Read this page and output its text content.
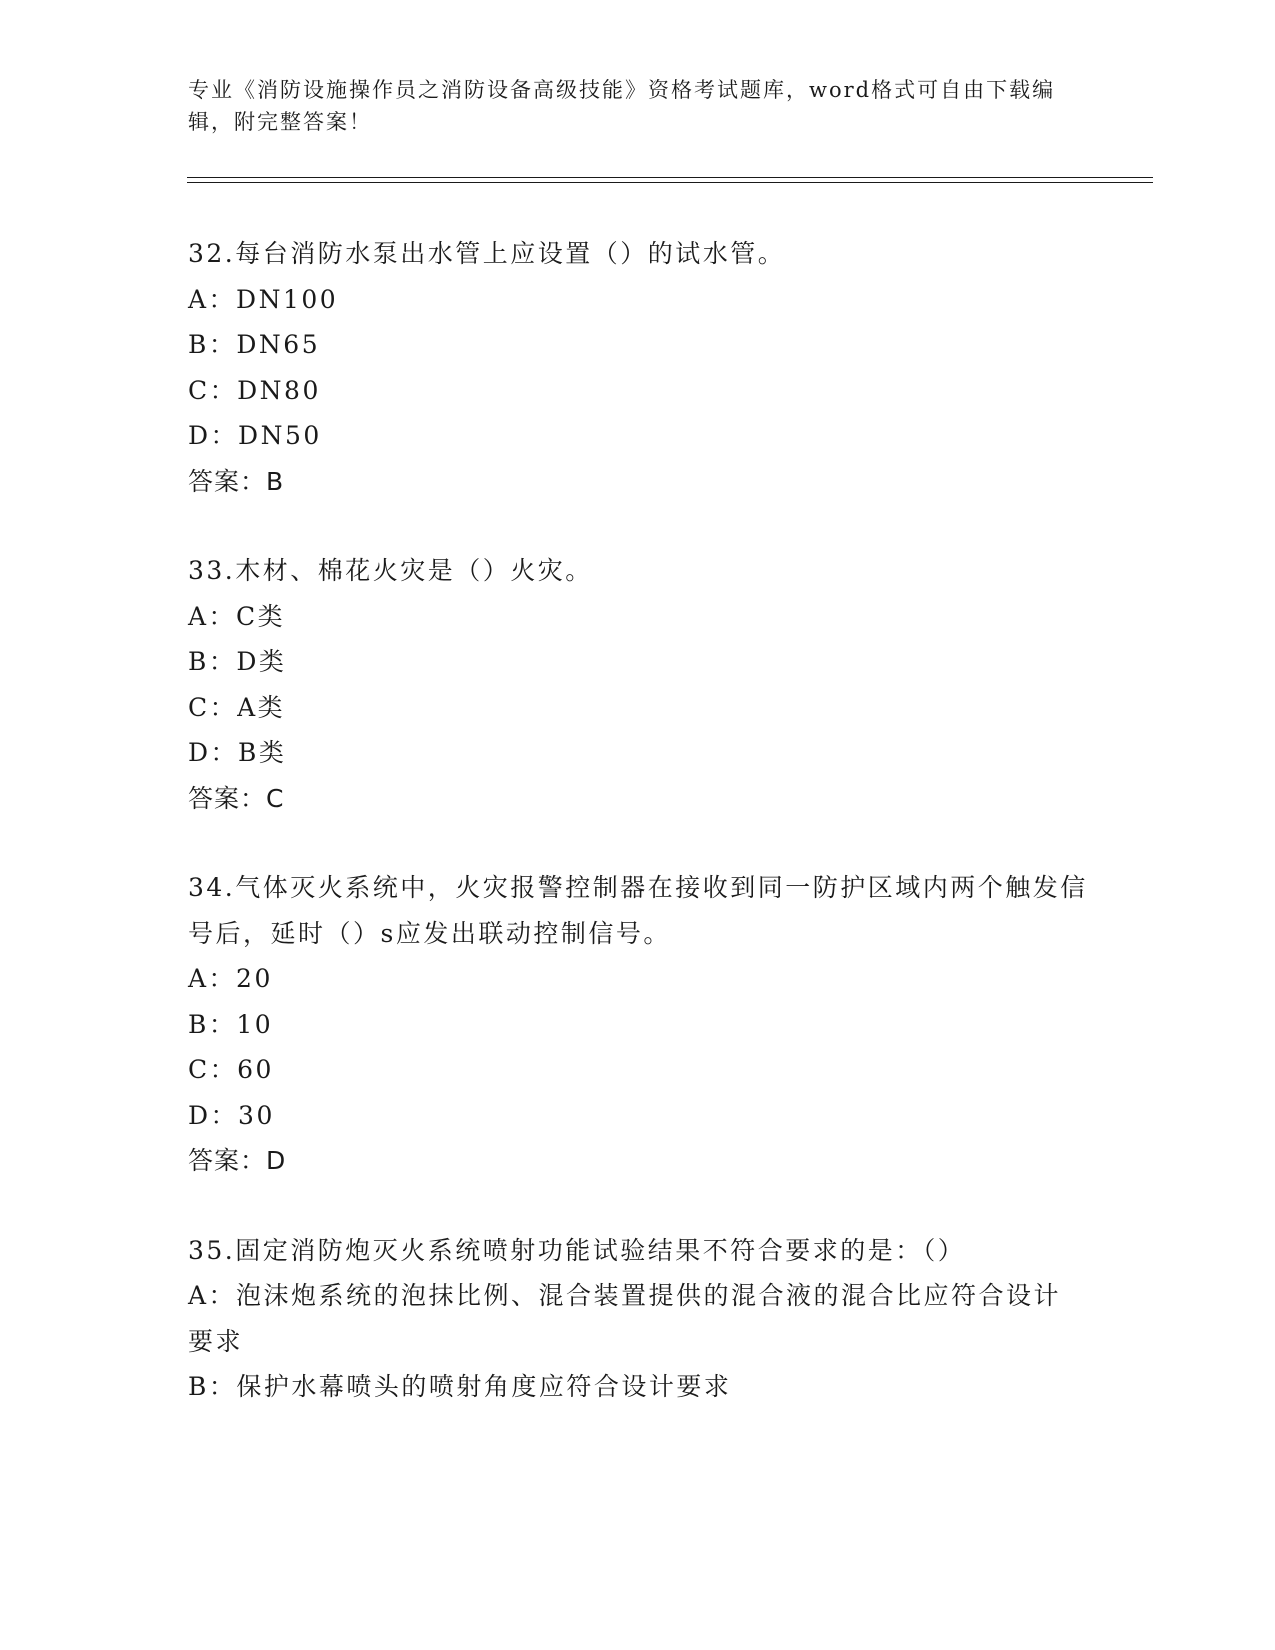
专业《消防设施操作员之消防设备高级技能》资格考试题库，word格式可自由下载编辑，附完整答案！
32.每台消防水泵出水管上应设置（）的试水管。
A：DN100
B：DN65
C：DN80
D：DN50
答案：B
33.木材、棉花火灾是（）火灾。
A：C类
B：D类
C：A类
D：B类
答案：C
34.气体灭火系统中，火灾报警控制器在接收到同一防护区域内两个触发信号后，延时（）s应发出联动控制信号。
A：20
B：10
C：60
D：30
答案：D
35.固定消防炮灭火系统喷射功能试验结果不符合要求的是：（）
A：泡沫炮系统的泡抹比例、混合装置提供的混合液的混合比应符合设计要求
B：保护水幕喷头的喷射角度应符合设计要求
